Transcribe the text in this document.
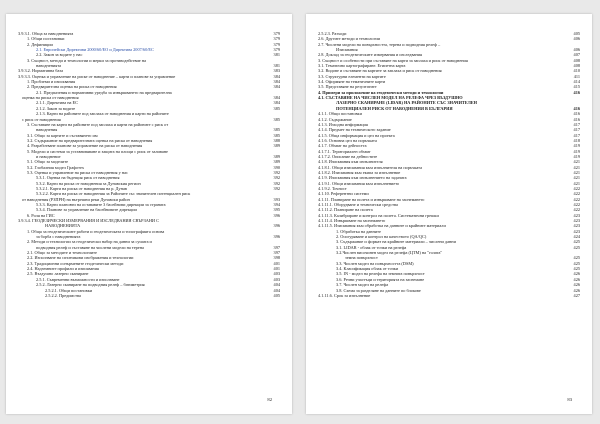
3.9.3.1. Обща за наводненията	379
1. Общи постановки	379
2. Дефиниции	379
2.1. Европейски Директиви 2000/60/ЕО и Директива 2007/60/ЕС	379
2.2. Закон за водите у нас	381
3. Същност, методи и технологии и мерки за противодействие на
наводненията	381
3.9.3.2. Нормативна база	383
3.9.3.3. Оценка и управление на риске от наводнение – карти и планове за управление	384
1. Проблеми и изисквания	384
2. Предварителна оценка на риска от наводнения	384
2.1. Предпазения и нормативни уредба за извършването на предварителна
оценка на риска от наводнения	384
2.1.1. Директива на ЕС	384
2.1.2. Закон за водите	385
2.1.3. Карти на районите под заплаха от наводнения и карти на районите
с риск от наводнения	385
3. Съставяне на карти на районите под заплаха и карти на районите с риск от
наводнения	385
3.1. Общо за картите и съставянето им	385
3.2. Съдържание на предварителната оценка на риска от наводнения	388
4. Разработване планове за управление на риска от наводнения	389
5. Модели и системи за уставновяване и защита на площи с риск от заливане
и наводнение	389
5.1. Общо за моделите	389
5.2. Глобалния модел Графотех	390
5.3. Оценка и управление на риска от наводнения у нас	392
5.3.1. Оценка на бъдещия риск от наводнения	392
5.3.2. Карти на риска от наводнения за Дунавския регион	392
5.3.2.1. Карти на риска от наводнения на р. Дунав	392
5.3.2.2. Карти на риска от наводнения за Районите със значителен потенциален риск
от наводнения (РЗПРН) на вътрешни реки Дунавски район	393
5.3.3. Карти плановти на остававите 3 басейнови дирекции за страната	394
5.3.4. Планове за управление на басейновите дирекции	395
6. Роля на ГИС	396
3.9.3.4. ГЕОДЕЗИЧЕСКИ ИЗМЕРВАНИЯ И ИЗСЛЕДВАНИЯ СВЪРЗАНИ С
НАВОДНЕНИЯТА	396
1. Обща за геодезическите работи и геодезическата и топографията основа
за борба с наводненията	396
2. Методи и технологии за геодезически набор на данни за сушата и
подводния релеф и съставяне на числени модели на терена	397
2.1. Общо за методите и технологиите	397
2.2. Използване на спътникови изображения и технологии	398
2.3. Традиционни оснърмените геодезически методи	401
2.4. Надземните профили и изисквания	401
2.5. Въздушно лазерно сканиране	403
2.5.1. Съвременни възможности и използване	403
2.5.2. Лазерно сканиране на подводния релеф – батиметрия	404
2.5.2.1. Общи постановки	404
2.5.2.2. Предимства	405
82
2.5.2.3. Разходи	405
2.6. Другите методи и технологии	406
2.7. Числени модели на повърхността, терена и подводния релеф –
Изисквания	406
2.8. Доклад за геодезическите измервания и изследвания	407
3. Същност и особености при съставяне на карти за заплаха и риск от наводнения	408
3.1. Тематично картографиране. Египетна карта	408
3.2. Видове и съставяне на картите за заплаха и риск от наводнения	410
3.3. Структурни елементи на картите	411
3.4. Оформяне на тематичните карти	414
3.5. Представяне на резултатите	415
4. Примери за приложение на геодезически методи и технологии	416
4.1. СЪСТАВЯНЕ НА ЧИСЛЕН МОДЕЛ НА РЕЛЕФА ЧРЕЗ ВЪЗДУШНО
ЛАЗЕРНО СКАНИРАНЕ (LIDAR) НА РАЙОНИТЕ СЪС ЗНАЧИТЕЛЕН
ПОТЕНЦИАЛЕН РИСК ОТ НАВОДНЕНИЯ В БЪЛГАРИЯ	416
4.1.1. Общи постановки	416
4.1.2. Съдържание	416
4.1.3. Изходна информация	417
4.1.4. Предмет на техническото задание	417
4.1.5. Обща информация и цел на проекта	417
4.1.6. Основна цел на поръчката	418
4.1.7. Обхват на дейността	419
4.1.7.1. Териториален обхват	419
4.1.7.2. Описание на дейностите	419
4.1.8. Изисквания към изпълнителя	421
4.1.8.1. Общи изисквания към изпълнителя на поръчката	421
4.1.8.2. Изисквания към екипа за изпълнение	421
4.1.9. Изисквания към изпълнението на задачата	421
4.1.9.1. Общи изисквания към изпълнението	421
4.1.9.2. Точност	422
4.1.10. Референтни системи	422
4.1.11. Планиране на полета и извършване на заснемането	422
4.1.11.1. Оборудване и технически средства	422
4.1.11.2. Планиране на полета	422
4.1.11.3. Калибриране и контрол на полета. Систематични грешки	423
4.1.11.4. Извършване на заснемането	423
4.1.11.5. Изисквания към обработка на данните и крайните материали	423
1. Обработка на данните	423
2. Осигуряване и контрол на качеството (QA/QC)	424
3. Съдържание и формат на крайните материали – числени данни	425
3.1. LIDAR - облак от точки на релефа	425
3.2.Числен височинен модел на релефа (ЦТМ) на "голата"
земна повърхност	425
3.3. Числен модел на повърхността (DSM)	425
3.4. Класификация облак от точки	425
3.5. IN - модел на релефа на земната повърхност	426
3.6. Речни участъци и територията на заснемане	426
3.7. Числен модел на релефа	426
3.8. Схема за разделяне на данните по блокове	426
4.1.11.6. Срок за изпълнение	427
83
